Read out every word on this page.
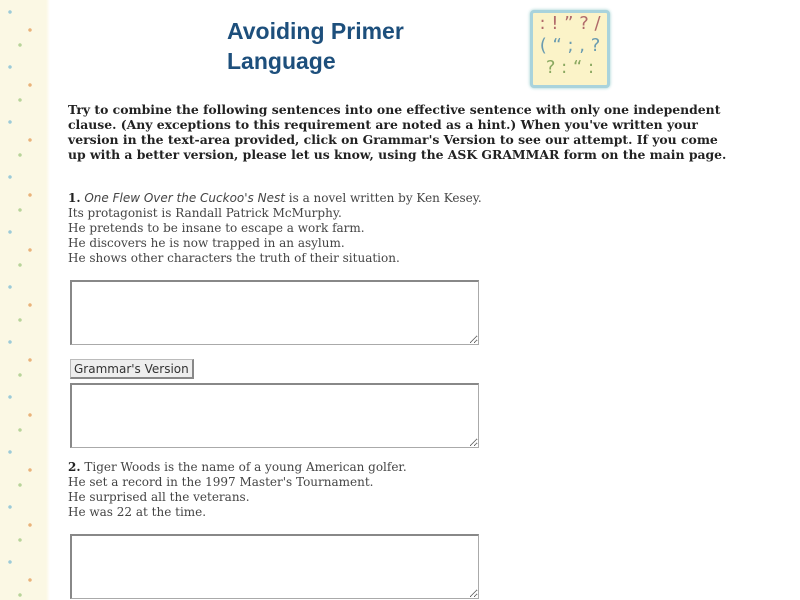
Avoiding Primer
Language
: ! ” ? /
( “ ; , ?
? : “ :
Try to combine the following sentences into one effective sentence with only one independent clause. (Any exceptions to this requirement are noted as a hint.) When you've written your version in the text-area provided, click on Grammar's Version to see our attempt. If you come up with a better version, please let us know, using the ASK GRAMMAR form on the main page.
1. One Flew Over the Cuckoo's Nest is a novel written by Ken Kesey.
Its protagonist is Randall Patrick McMurphy.
He pretends to be insane to escape a work farm.
He discovers he is now trapped in an asylum.
He shows other characters the truth of their situation.
Grammar's Version
2. Tiger Woods is the name of a young American golfer.
He set a record in the 1997 Master's Tournament.
He surprised all the veterans.
He was 22 at the time.
